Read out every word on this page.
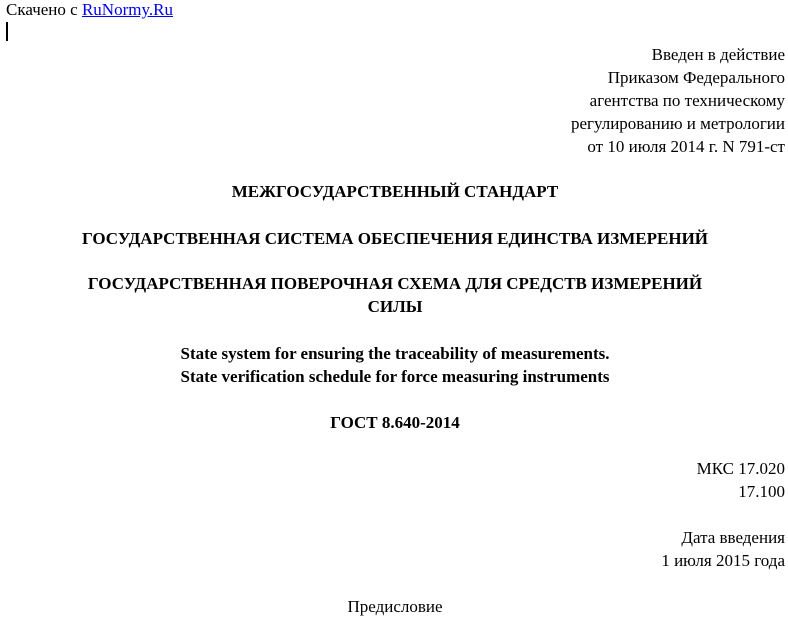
Скачено с RuNormy.Ru
Введен в действие
Приказом Федерального
агентства по техническому
регулированию и метрологии
от 10 июля 2014 г. N 791-ст
МЕЖГОСУДАРСТВЕННЫЙ СТАНДАРТ
ГОСУДАРСТВЕННАЯ СИСТЕМА ОБЕСПЕЧЕНИЯ ЕДИНСТВА ИЗМЕРЕНИЙ
ГОСУДАРСТВЕННАЯ ПОВЕРОЧНАЯ СХЕМА ДЛЯ СРЕДСТВ ИЗМЕРЕНИЙ
СИЛЫ
State system for ensuring the traceability of measurements.
State verification schedule for force measuring instruments
ГОСТ 8.640-2014
МКС 17.020
17.100
Дата введения
1 июля 2015 года
Предисловие
